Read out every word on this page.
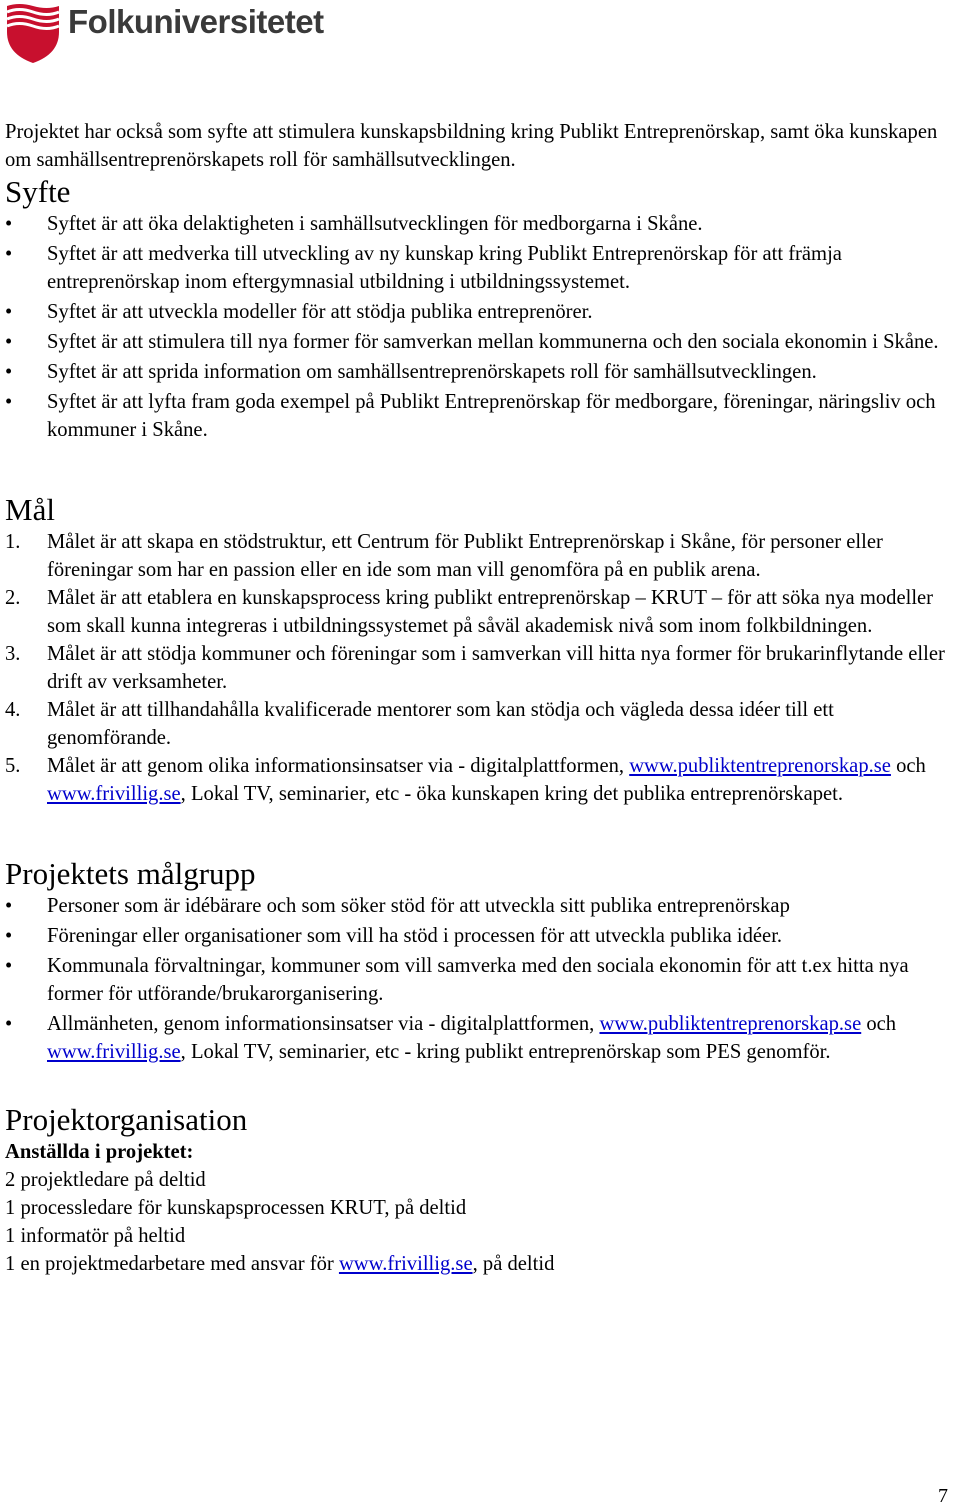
Folkuniversitetet

Projektet har också som syfte att stimulera kunskapsbildning kring Publikt Entreprenörskap, samt öka kunskapen om samhällsentreprenörskapets roll för samhällsutvecklingen.

Syfte
• Syftet är att öka delaktigheten i samhällsutvecklingen för medborgarna i Skåne.
• Syftet är att medverka till utveckling av ny kunskap kring Publikt Entreprenörskap för att främja entreprenörskap inom eftergymnasial utbildning i utbildningssystemet.
• Syftet är att utveckla modeller för att stödja publika entreprenörer.
• Syftet är att stimulera till nya former för samverkan mellan kommunerna och den sociala ekonomin i Skåne.
• Syftet är att sprida information om samhällsentreprenörskapets roll för samhällsutvecklingen.
• Syftet är att lyfta fram goda exempel på Publikt Entreprenörskap för medborgare, föreningar, näringsliv och kommuner i Skåne.
Mål
1. Målet är att skapa en stödstruktur, ett Centrum för Publikt Entreprenörskap i Skåne, för personer eller föreningar som har en passion eller en ide som man vill genomföra på en publik arena.
2. Målet är att etablera en kunskapsprocess kring publikt entreprenörskap – KRUT – för att söka nya modeller som skall kunna integreras i utbildningssystemet på såväl akademisk nivå som inom folkbildningen.
3. Målet är att stödja kommuner och föreningar som i samverkan vill hitta nya former för brukarinflytande eller drift av verksamheter.
4. Målet är att tillhandahålla kvalificerade mentorer som kan stödja och vägleda dessa idéer till ett genomförande.
5. Målet är att genom olika informationsinsatser via - digitalplattformen, www.publiktentreprenorskap.se och www.frivillig.se, Lokal TV, seminarier, etc - öka kunskapen kring det publika entreprenörskapet.
Projektets målgrupp
• Personer som är idébärare och som söker stöd för att utveckla sitt publika entreprenörskap
• Föreningar eller organisationer som vill ha stöd i processen för att utveckla publika idéer.
• Kommunala förvaltningar, kommuner som vill samverka med den sociala ekonomin för att t.ex hitta nya former för utförande/brukarorganisering.
• Allmänheten, genom informationsinsatser via - digitalplattformen, www.publiktentreprenorskap.se och www.frivillig.se, Lokal TV, seminarier, etc - kring publikt entreprenörskap som PES genomför.
Projektorganisation
Anställda i projektet:

2 projektledare på deltid

1 processledare för kunskapsprocessen KRUT, på deltid

1 informatör på heltid

1 en projektmedarbetare med ansvar för www.frivillig.se, på deltid

7
